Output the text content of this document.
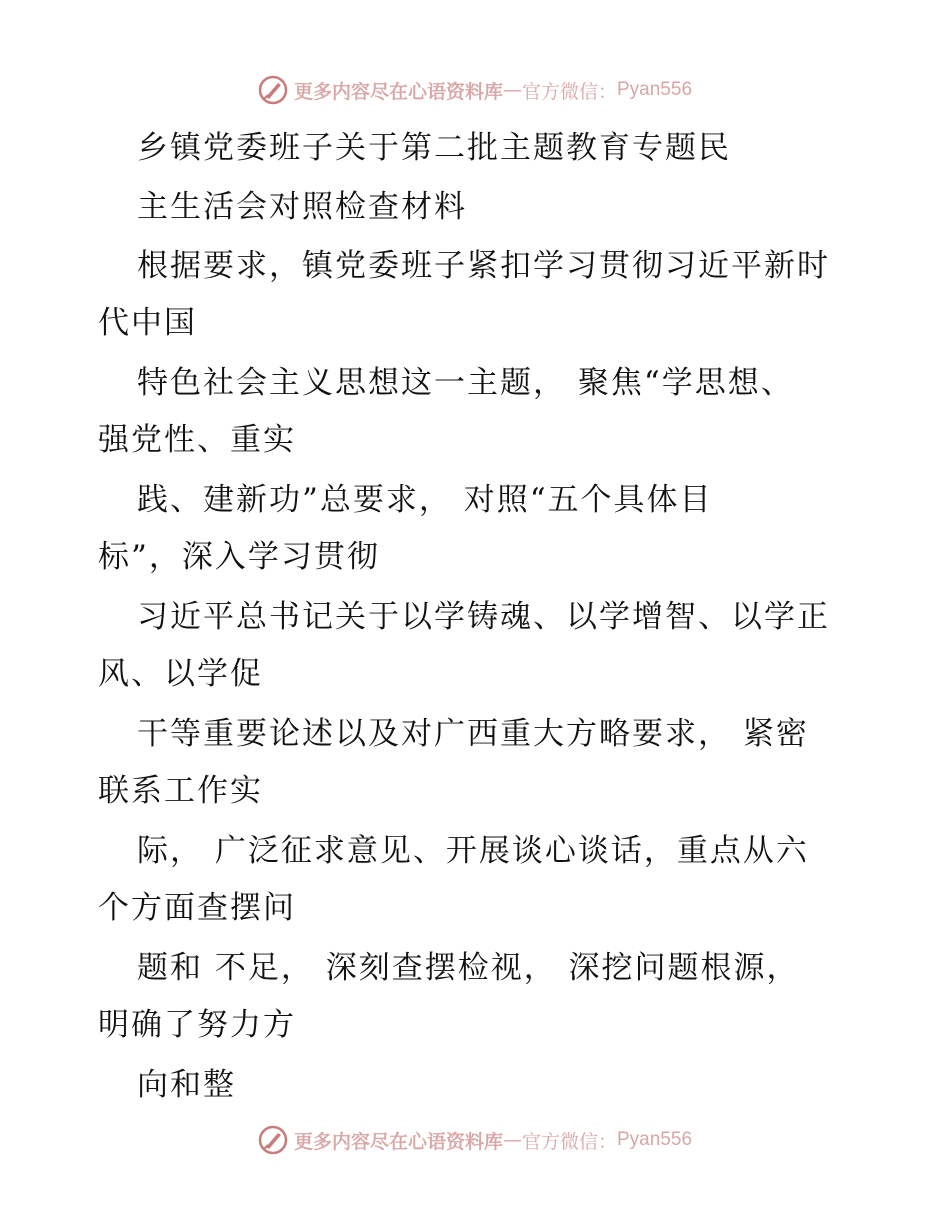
更多内容尽在心语资料库 — 官方微信： Pyan556
乡镇党委班子关于第二批主题教育专题民
主生活会对照检查材料
根据要求，镇党委班子紧扣学习贯彻习近平新时
代中国
特色社会主义思想这一主题， 聚焦“学思想、
强党性、重实
践、建新功”总要求， 对照“五个具体目
标”，深入学习贯彻
习近平总书记关于以学铸魂、以学增智、以学正
风、以学促
干等重要论述以及对广西重大方略要求， 紧密
联系工作实
际， 广泛征求意见、开展谈心谈话，重点从六
个方面查摆问
题和 不足， 深刻查摆检视， 深挖问题根源，
明确了努力方
向和整
更多内容尽在心语资料库 — 官方微信： Pyan556
